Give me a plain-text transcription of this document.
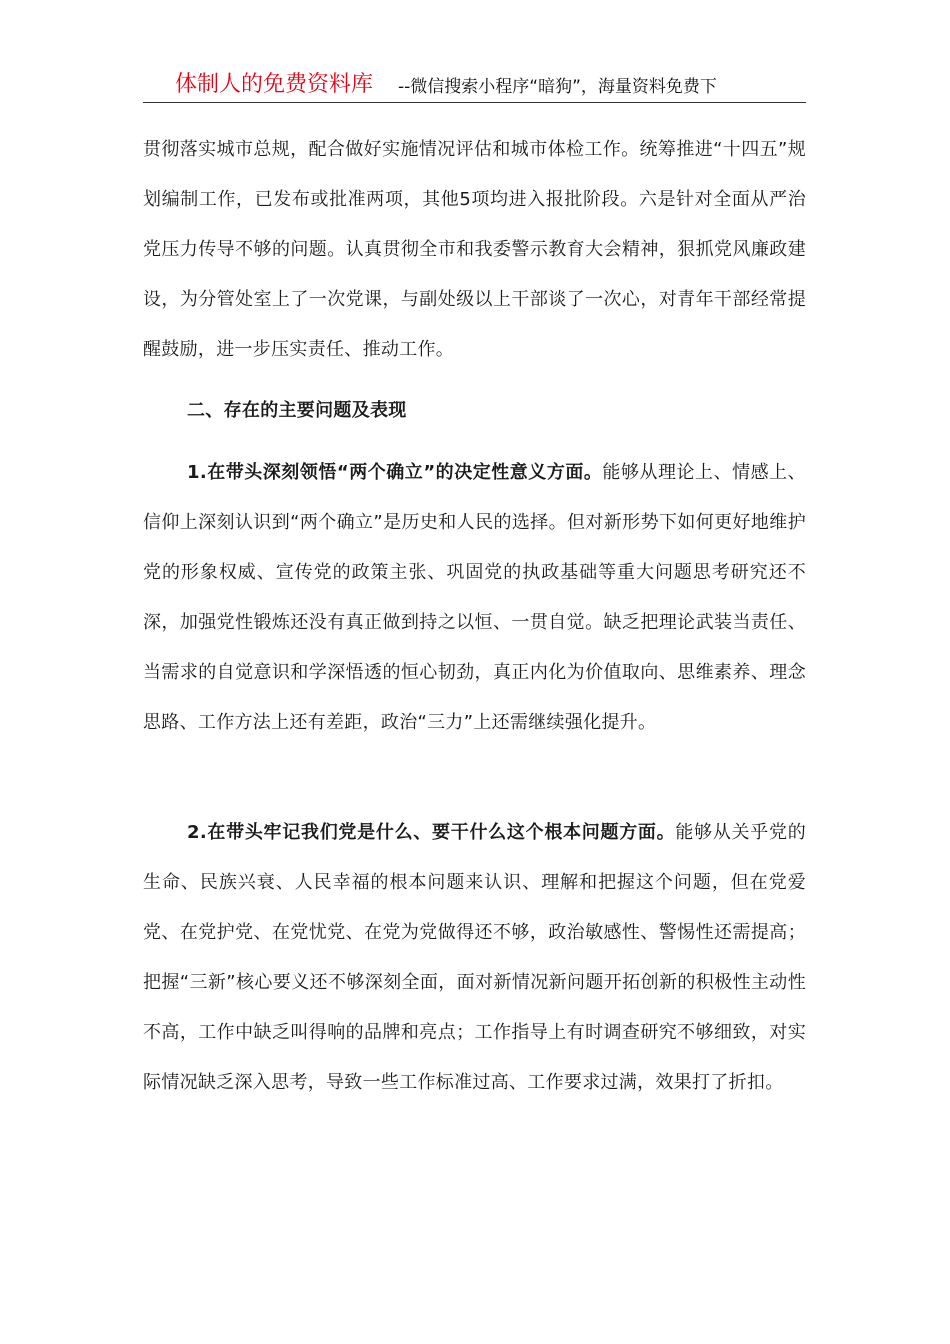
体制人的免费资料库 --微信搜索小程序“暗狗”，海量资料免费下

贯彻落实城市总规，配合做好实施情况评估和城市体检工作。统筹推进“十四五”规划编制工作，已发布或批准两项，其他5项均进入报批阶段。六是针对全面从严治党压力传导不够的问题。认真贯彻全市和我委警示教育大会精神，狠抓党风廉政建设，为分管处室上了一次党课，与副处级以上干部谈了一次心，对青年干部经常提醒鼓励，进一步压实责任、推动工作。

二、存在的主要问题及表现

1.在带头深刻领悟“两个确立”的决定性意义方面。能够从理论上、情感上、信仰上深刻认识到“两个确立”是历史和人民的选择。但对新形势下如何更好地维护党的形象权威、宣传党的政策主张、巩固党的执政基础等重大问题思考研究还不深，加强党性锻炼还没有真正做到持之以恒、一贯自觉。缺乏把理论武装当责任、当需求的自觉意识和学深悟透的恒心韧劲，真正内化为价值取向、思维素养、理念思路、工作方法上还有差距，政治“三力”上还需继续强化提升。

2.在带头牢记我们党是什么、要干什么这个根本问题方面。能够从关乎党的生命、民族兴衰、人民幸福的根本问题来认识、理解和把握这个问题，但在党爱党、在党护党、在党忧党、在党为党做得还不够，政治敏感性、警惕性还需提高；把握“三新”核心要义还不够深刻全面，面对新情况新问题开拓创新的积极性主动性不高，工作中缺乏叫得响的品牌和亮点；工作指导上有时调查研究不够细致，对实际情况缺乏深入思考，导致一些工作标准过高、工作要求过满，效果打了折扣。
